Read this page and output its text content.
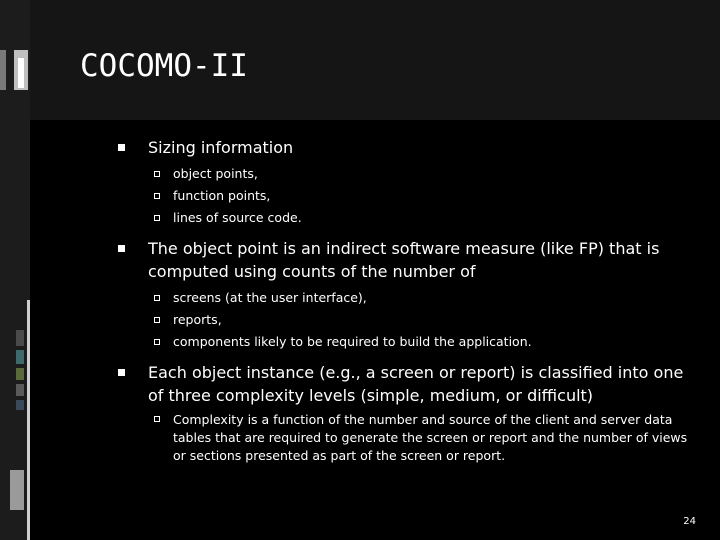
COCOMO-II
Sizing information
object points,
function points,
lines of source code.
The object point is an indirect software measure (like FP) that is computed using counts of the number of
screens (at the user interface),
reports,
components likely to be required to build the application.
Each object instance (e.g., a screen or report) is classified into one of three complexity levels (simple, medium, or difficult)
Complexity is a function of the number and source of the client and server data tables that are required to generate the screen or report and the number of views or sections presented as part of the screen or report.
24
